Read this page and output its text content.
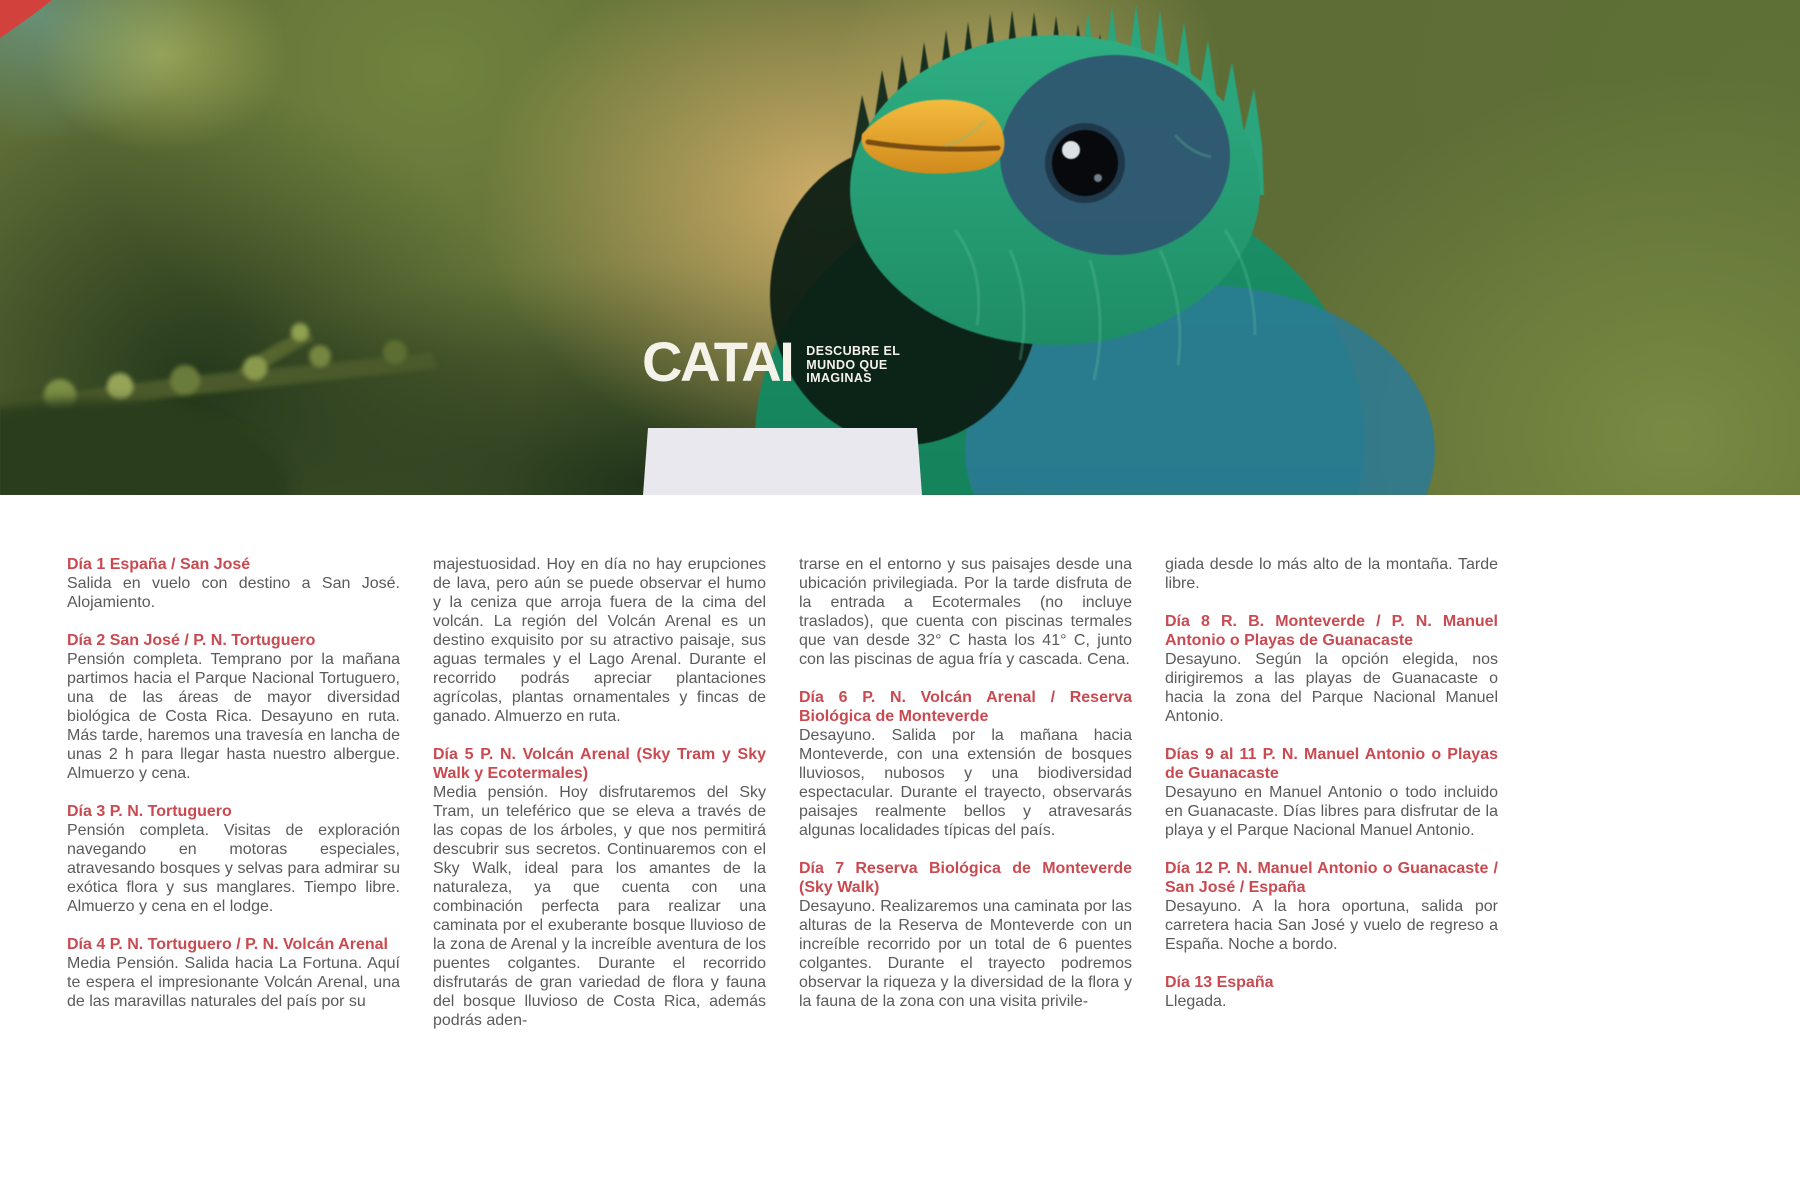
CATAI DESCUBRE EL
MUNDO QUE
IMAGINAS

Día 1 España / San José

Salida en vuelo con destino a San José. Alojamiento.

Día 2 San José / P. N. Tortuguero

Pensión completa. Temprano por la mañana partimos hacia el Parque Nacional Tortuguero, una de las áreas de mayor diversidad biológica de Costa Rica. Desayuno en ruta. Más tarde, haremos una travesía en lancha de unas 2 h para llegar hasta nuestro albergue. Almuerzo y cena.

Día 3 P. N. Tortuguero

Pensión completa. Visitas de exploración navegando en motoras especiales, atravesando bosques y selvas para admirar su exótica flora y sus manglares. Tiempo libre. Almuerzo y cena en el lodge.

Día 4 P. N. Tortuguero / P. N. Volcán Arenal

Media Pensión. Salida hacia La Fortuna. Aquí te espera el impresionante Volcán Arenal, una de las maravillas naturales del país por su

majestuosidad. Hoy en día no hay erupciones de lava, pero aún se puede observar el humo y la ceniza que arroja fuera de la cima del volcán. La región del Volcán Arenal es un destino exquisito por su atractivo paisaje, sus aguas termales y el Lago Arenal. Durante el recorrido podrás apreciar plantaciones agrícolas, plantas ornamentales y fincas de ganado. Almuerzo en ruta.

Día 5 P. N. Volcán Arenal (Sky Tram y Sky Walk y Ecotermales)

Media pensión. Hoy disfrutaremos del Sky Tram, un teleférico que se eleva a través de las copas de los árboles, y que nos permitirá descubrir sus secretos. Continuaremos con el Sky Walk, ideal para los amantes de la naturaleza, ya que cuenta con una combinación perfecta para realizar una caminata por el exuberante bosque lluvioso de la zona de Arenal y la increíble aventura de los puentes colgantes. Durante el recorrido disfrutarás de gran variedad de flora y fauna del bosque lluvioso de Costa Rica, además podrás aden-

trarse en el entorno y sus paisajes desde una ubicación privilegiada. Por la tarde disfruta de la entrada a Ecotermales (no incluye traslados), que cuenta con piscinas termales que van desde 32° C hasta los 41° C, junto con las piscinas de agua fría y cascada. Cena.

Día 6 P. N. Volcán Arenal / Reserva Biológica de Monteverde

Desayuno. Salida por la mañana hacia Monteverde, con una extensión de bosques lluviosos, nubosos y una biodiversidad espectacular. Durante el trayecto, observarás paisajes realmente bellos y atravesarás algunas localidades típicas del país.

Día 7 Reserva Biológica de Monteverde (Sky Walk)

Desayuno. Realizaremos una caminata por las alturas de la Reserva de Monteverde con un increíble recorrido por un total de 6 puentes colgantes. Durante el trayecto podremos observar la riqueza y la diversidad de la flora y la fauna de la zona con una visita privile-

giada desde lo más alto de la montaña. Tarde libre.

Día 8 R. B. Monteverde / P. N. Manuel Antonio o Playas de Guanacaste

Desayuno. Según la opción elegida, nos dirigiremos a las playas de Guanacaste o hacia la zona del Parque Nacional Manuel Antonio.

Días 9 al 11 P. N. Manuel Antonio o Playas de Guanacaste

Desayuno en Manuel Antonio o todo incluido en Guanacaste. Días libres para disfrutar de la playa y el Parque Nacional Manuel Antonio.

Día 12 P. N. Manuel Antonio o Guanacaste / San José / España

Desayuno. A la hora oportuna, salida por carretera hacia San José y vuelo de regreso a España. Noche a bordo.

Día 13 España

Llegada.
